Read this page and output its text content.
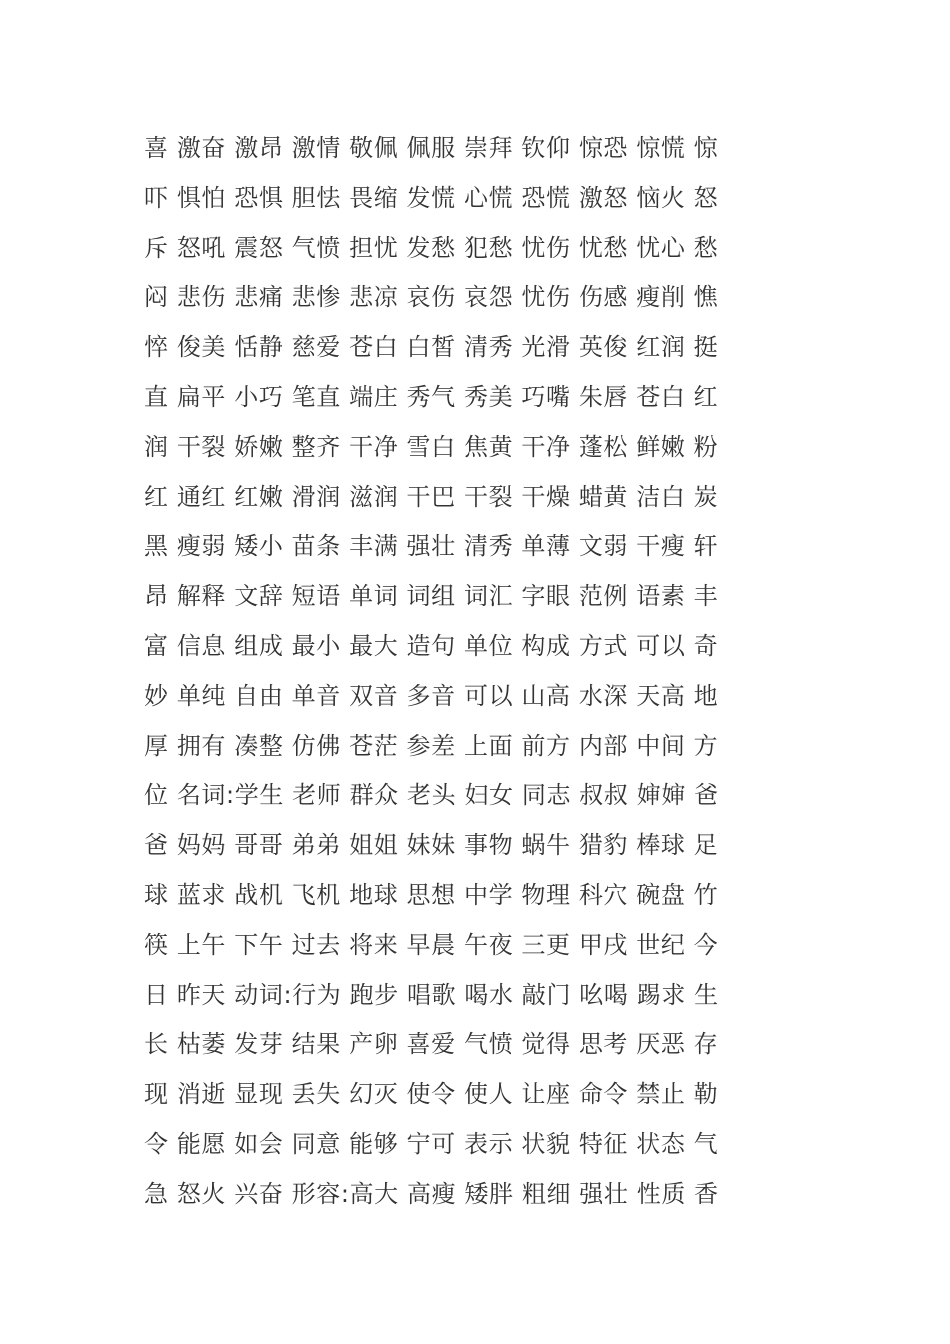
喜 激奋 激昂 激情 敬佩 佩服 崇拜 钦仰 惊恐 惊慌 惊
吓 惧怕 恐惧 胆怯 畏缩 发慌 心慌 恐慌 激怒 恼火 怒
斥 怒吼 震怒 气愤 担忧 发愁 犯愁 忧伤 忧愁 忧心 愁
闷 悲伤 悲痛 悲惨 悲凉 哀伤 哀怨 忧伤 伤感 瘦削 憔
悴 俊美 恬静 慈爱 苍白 白皙 清秀 光滑 英俊 红润 挺
直 扁平 小巧 笔直 端庄 秀气 秀美 巧嘴 朱唇 苍白 红
润 干裂 娇嫩 整齐 干净 雪白 焦黄 干净 蓬松 鲜嫩 粉
红 通红 红嫩 滑润 滋润 干巴 干裂 干燥 蜡黄 洁白 炭
黑 瘦弱 矮小 苗条 丰满 强壮 清秀 单薄 文弱 干瘦 轩
昂 解释 文辞 短语 单词 词组 词汇 字眼 范例 语素 丰
富 信息 组成 最小 最大 造句 单位 构成 方式 可以 奇
妙 单纯 自由 单音 双音 多音 可以 山高 水深 天高 地
厚 拥有 凑整 仿佛 苍茫 参差 上面 前方 内部 中间 方
位 名词:学生 老师 群众 老头 妇女 同志 叔叔 婶婶 爸
爸 妈妈 哥哥 弟弟 姐姐 妹妹 事物 蜗牛 猎豹 棒球 足
球 蓝求 战机 飞机 地球 思想 中学 物理 科穴 碗盘 竹
筷 上午 下午 过去 将来 早晨 午夜 三更 甲戌 世纪 今
日 昨天 动词:行为 跑步 唱歌 喝水 敲门 吆喝 踢求 生
长 枯萎 发芽 结果 产卵 喜爱 气愤 觉得 思考 厌恶 存
现 消逝 显现 丢失 幻灭 使令 使人 让座 命令 禁止 勒
令 能愿 如会 同意 能够 宁可 表示 状貌 特征 状态 气
急 怒火 兴奋 形容:高大 高瘦 矮胖 粗细 强壮 性质 香
